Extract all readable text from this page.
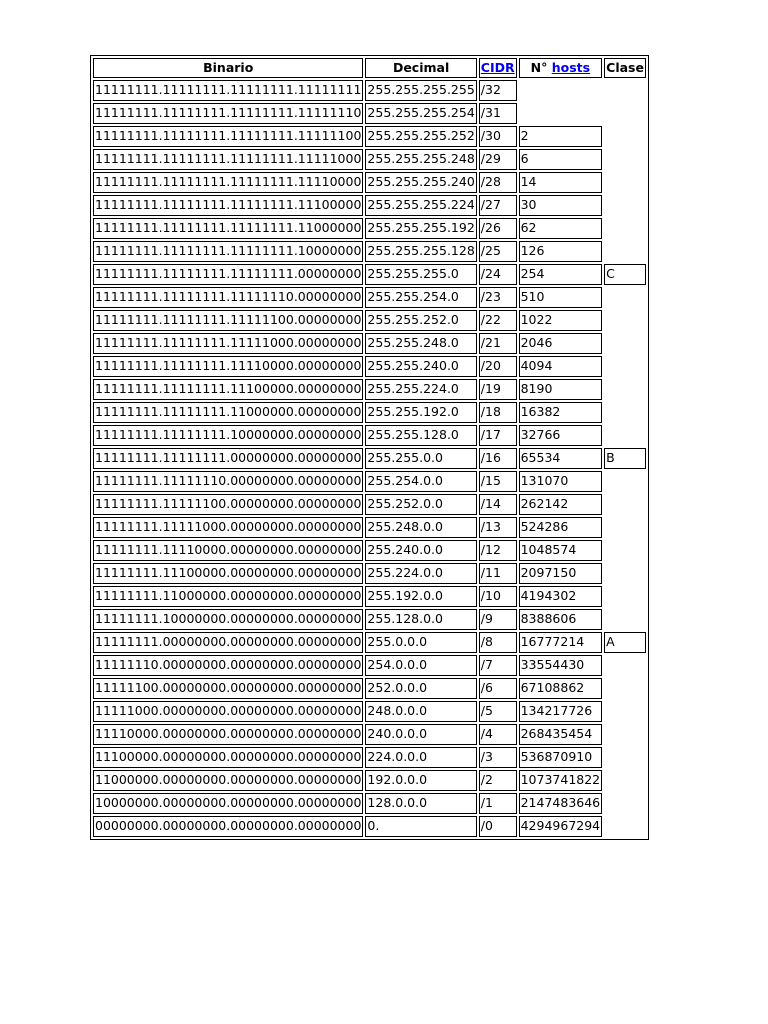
Binario	Decimal	CIDR	N° hosts	Clase
11111111.11111111.11111111.11111111	255.255.255.255	/32		
11111111.11111111.11111111.11111110	255.255.255.254	/31		
11111111.11111111.11111111.11111100	255.255.255.252	/30	2	
11111111.11111111.11111111.11111000	255.255.255.248	/29	6	
11111111.11111111.11111111.11110000	255.255.255.240	/28	14	
11111111.11111111.11111111.11100000	255.255.255.224	/27	30	
11111111.11111111.11111111.11000000	255.255.255.192	/26	62	
11111111.11111111.11111111.10000000	255.255.255.128	/25	126	
11111111.11111111.11111111.00000000	255.255.255.0	/24	254	C
11111111.11111111.11111110.00000000	255.255.254.0	/23	510	
11111111.11111111.11111100.00000000	255.255.252.0	/22	1022	
11111111.11111111.11111000.00000000	255.255.248.0	/21	2046	
11111111.11111111.11110000.00000000	255.255.240.0	/20	4094	
11111111.11111111.11100000.00000000	255.255.224.0	/19	8190	
11111111.11111111.11000000.00000000	255.255.192.0	/18	16382	
11111111.11111111.10000000.00000000	255.255.128.0	/17	32766	
11111111.11111111.00000000.00000000	255.255.0.0	/16	65534	B
11111111.11111110.00000000.00000000	255.254.0.0	/15	131070	
11111111.11111100.00000000.00000000	255.252.0.0	/14	262142	
11111111.11111000.00000000.00000000	255.248.0.0	/13	524286	
11111111.11110000.00000000.00000000	255.240.0.0	/12	1048574	
11111111.11100000.00000000.00000000	255.224.0.0	/11	2097150	
11111111.11000000.00000000.00000000	255.192.0.0	/10	4194302	
11111111.10000000.00000000.00000000	255.128.0.0	/9	8388606	
11111111.00000000.00000000.00000000	255.0.0.0	/8	16777214	A
11111110.00000000.00000000.00000000	254.0.0.0	/7	33554430	
11111100.00000000.00000000.00000000	252.0.0.0	/6	67108862	
11111000.00000000.00000000.00000000	248.0.0.0	/5	134217726	
11110000.00000000.00000000.00000000	240.0.0.0	/4	268435454	
11100000.00000000.00000000.00000000	224.0.0.0	/3	536870910	
11000000.00000000.00000000.00000000	192.0.0.0	/2	1073741822	
10000000.00000000.00000000.00000000	128.0.0.0	/1	2147483646	
00000000.00000000.00000000.00000000	0.	/0	4294967294	
